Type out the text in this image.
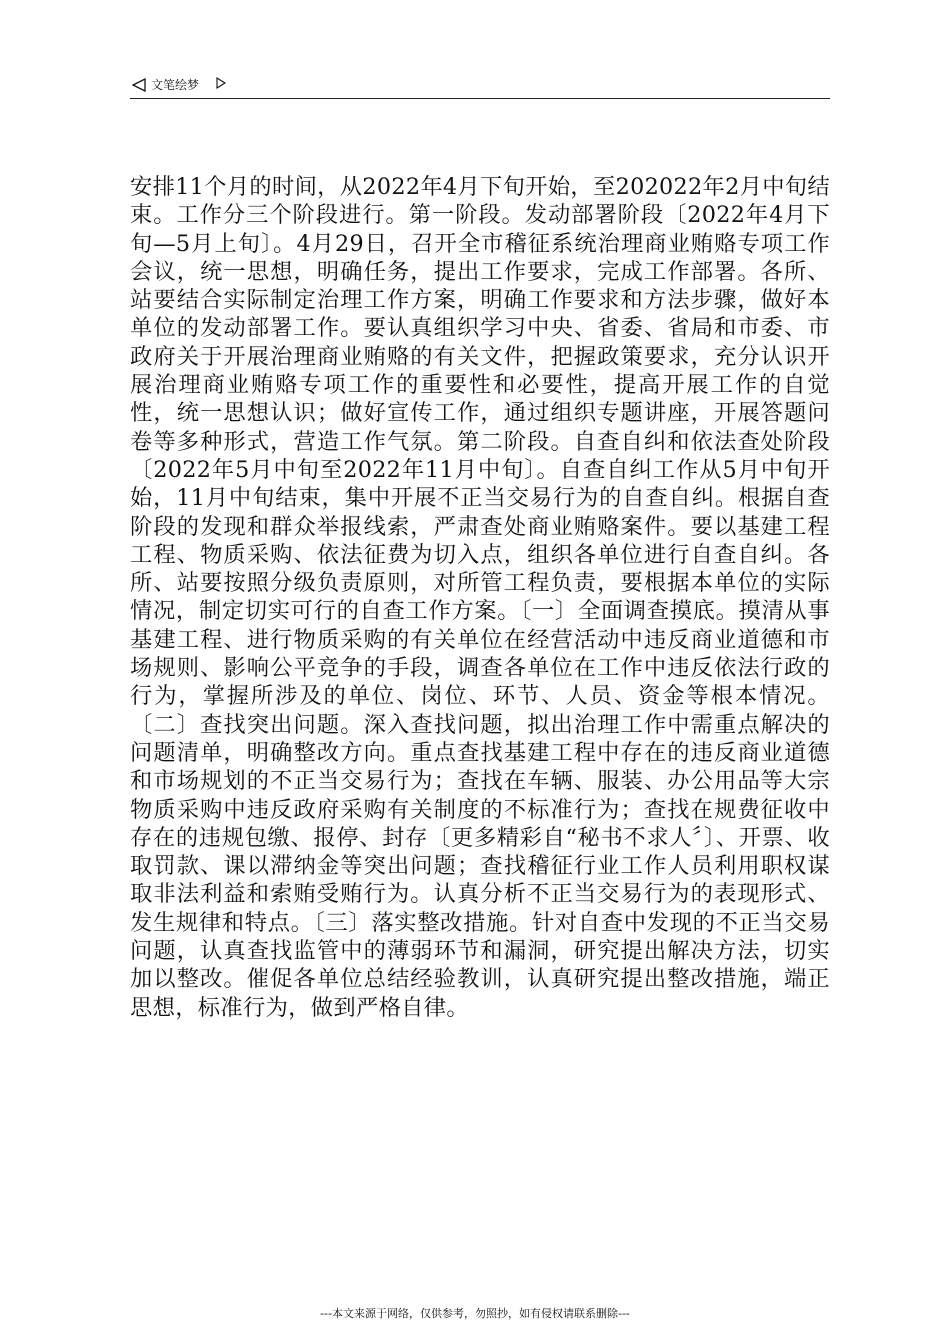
文笔绘梦

安排11个月的时间，从2022年4月下旬开始，至202022年2月中旬结束。工作分三个阶段进行。第一阶段。发动部署阶段〔2022年4月下旬—5月上旬〕。4月29日，召开全市稽征系统治理商业贿赂专项工作会议，统一思想，明确任务，提出工作要求，完成工作部署。各所、站要结合实际制定治理工作方案，明确工作要求和方法步骤，做好本单位的发动部署工作。要认真组织学习中央、省委、省局和市委、市政府关于开展治理商业贿赂的有关文件，把握政策要求，充分认识开展治理商业贿赂专项工作的重要性和必要性，提高开展工作的自觉性，统一思想认识；做好宣传工作，通过组织专题讲座，开展答题问卷等多种形式，营造工作气氛。第二阶段。自查自纠和依法查处阶段〔2022年5月中旬至2022年11月中旬〕。自查自纠工作从5月中旬开始，11月中旬结束，集中开展不正当交易行为的自查自纠。根据自查阶段的发现和群众举报线索，严肃查处商业贿赂案件。要以基建工程工程、物质采购、依法征费为切入点，组织各单位进行自查自纠。各所、站要按照分级负责原则，对所管工程负责，要根据本单位的实际情况，制定切实可行的自查工作方案。〔一〕全面调查摸底。摸清从事基建工程、进行物质采购的有关单位在经营活动中违反商业道德和市场规则、影响公平竞争的手段，调查各单位在工作中违反依法行政的行为，掌握所涉及的单位、岗位、环节、人员、资金等根本情况。〔二〕查找突出问题。深入查找问题，拟出治理工作中需重点解决的问题清单，明确整改方向。重点查找基建工程中存在的违反商业道德和市场规划的不正当交易行为；查找在车辆、服装、办公用品等大宗物质采购中违反政府采购有关制度的不标准行为；查找在规费征收中存在的违规包缴、报停、封存〔更多精彩自“秘书不求人〞〕、开票、收取罚款、课以滞纳金等突出问题；查找稽征行业工作人员利用职权谋取非法利益和索贿受贿行为。认真分析不正当交易行为的表现形式、发生规律和特点。〔三〕落实整改措施。针对自查中发现的不正当交易问题，认真查找监管中的薄弱环节和漏洞，研究提出解决方法，切实加以整改。催促各单位总结经验教训，认真研究提出整改措施，端正思想，标准行为，做到严格自律。

---本文来源于网络，仅供参考，勿照抄，如有侵权请联系删除---
